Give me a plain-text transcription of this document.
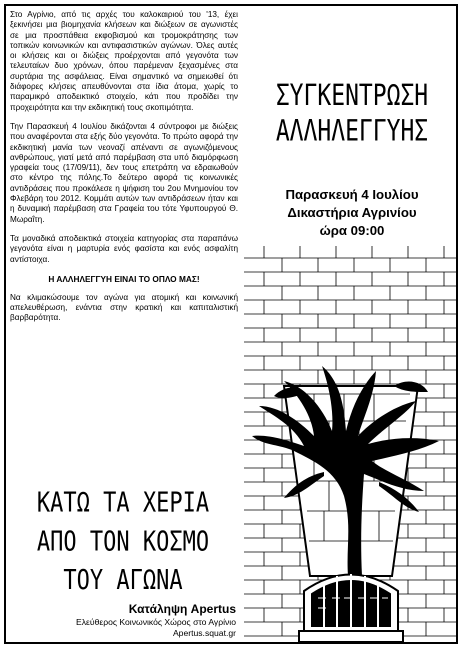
Στο Αγρίνιο, από τις αρχές του καλοκαιριού του '13, έχει ξεκινήσει μια βιομηχανία κλήσεων και διώξεων σε αγωνιστές σε μια προσπάθεια εκφοβισμού και τρομοκράτησης των τοπικών κοινωνικών και αντιφασιστικών αγώνων. Όλες αυτές οι κλήσεις και οι διώξεις προέρχονται από γεγονότα των τελευταίων δυο χρόνων, όπου παρέμεναν ξεχασμένες στα συρτάρια της ασφάλειας. Είναι σημαντικό να σημειωθεί ότι διάφορες κλήσεις απευθύνονται στα ίδια άτομα, χωρίς το παραμικρό αποδεικτικό στοιχείο, κάτι που προδίδει την προχειρότητα και την εκδικητική τους σκοπιμότητα.

Την Παρασκευή 4 Ιουλίου δικάζονται 4 σύντροφοι με διώξεις που αναφέρονται στα εξής δύο γεγονότα. Το πρώτο αφορά την εκδικητική μανία των νεοναζί απέναντι σε αγωνιζόμενους ανθρώπους, γιατί μετά από παρέμβαση στα υπό διαμόρφωση γραφεία τους (17/09/11), δεν τους επετράπη να εδραιωθούν στο κέντρο της πόλης.Το δεύτερο αφορά τις κοινωνικές αντιδράσεις που προκάλεσε η ψήφιση του 2ου Μνημονίου τον Φλεβάρη του 2012. Κομμάτι αυτών των αντιδράσεων ήταν και η δυναμική παρέμβαση στα Γραφεία του τότε Υφυπουργού Θ. Μωραΐτη.

Τα μοναδικά αποδεικτικά στοιχεία κατηγορίας στα παραπάνω γεγονότα είναι η μαρτυρία ενός φασίστα και ενός ασφαλίτη αντίστοιχα.

Η ΑΛΛΗΛΕΓΓΥΗ ΕΙΝΑΙ ΤΟ ΟΠΛΟ ΜΑΣ!

Να κλιμακώσουμε τον αγώνα για ατομική και κοινωνική απελευθέρωση, ενάντια στην κρατική και καπιταλιστική βαρβαρότητα.

ΚΑΤΩ ΤΑ ΧΕΡΙΑ
ΑΠΟ ΤΟΝ ΚΟΣΜΟ
ΤΟΥ ΑΓΩΝΑ
Κατάληψη Apertus
Ελεύθερος Κοινωνικός Χώρος στο Αγρίνιο
Apertus.squat.gr
ΣΥΓΚΕΝΤΡΩΣΗ
ΑΛΛΗΛΕΓΓΥΗΣ
Παρασκευή 4 Ιουλίου
Δικαστήρια Αγρινίου
ώρα 09:00
